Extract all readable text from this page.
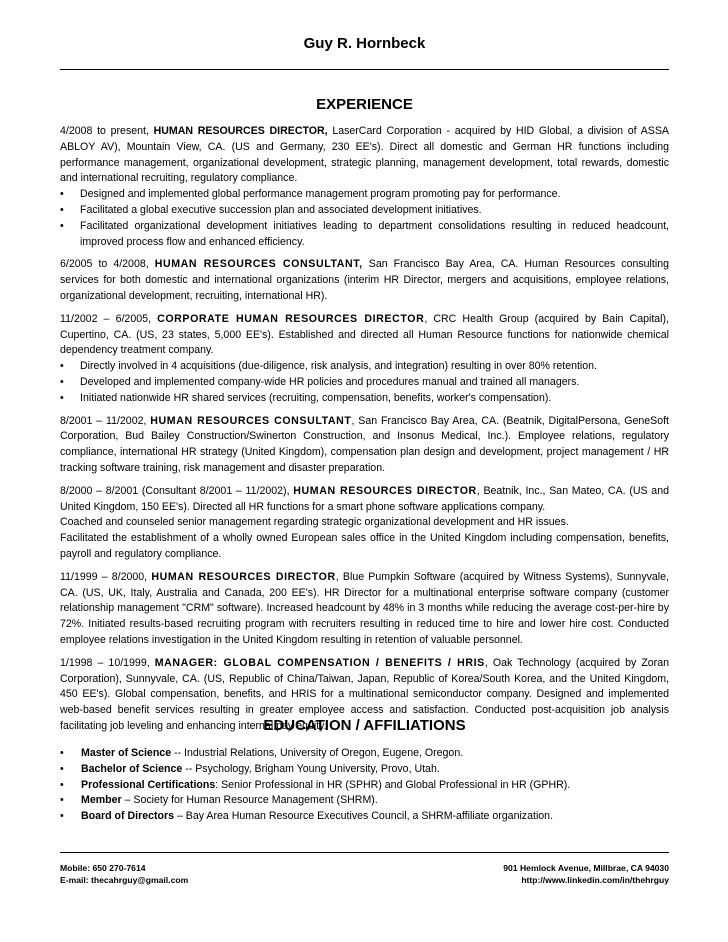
Guy R. Hornbeck
EXPERIENCE

4/2008 to present, HUMAN RESOURCES DIRECTOR, LaserCard Corporation - acquired by HID Global, a division of ASSA ABLOY AV), Mountain View, CA. (US and Germany, 230 EE's). Direct all domestic and German HR functions including performance management, organizational development, strategic planning, management development, total rewards, domestic and international recruiting, regulatory compliance.

• Designed and implemented global performance management program promoting pay for performance.
• Facilitated a global executive succession plan and associated development initiatives.
• Facilitated organizational development initiatives leading to department consolidations resulting in reduced headcount, improved process flow and enhanced efficiency.

6/2005 to 4/2008, HUMAN RESOURCES CONSULTANT, San Francisco Bay Area, CA. Human Resources consulting services for both domestic and international organizations (interim HR Director, mergers and acquisitions, employee relations, organizational development, recruiting, international HR).

11/2002 – 6/2005, CORPORATE HUMAN RESOURCES DIRECTOR, CRC Health Group (acquired by Bain Capital), Cupertino, CA. (US, 23 states, 5,000 EE's). Established and directed all Human Resource functions for nationwide chemical dependency treatment company.

• Directly involved in 4 acquisitions (due-diligence, risk analysis, and integration) resulting in over 80% retention.
• Developed and implemented company-wide HR policies and procedures manual and trained all managers.
• Initiated nationwide HR shared services (recruiting, compensation, benefits, worker's compensation).

8/2001 – 11/2002, HUMAN RESOURCES CONSULTANT, San Francisco Bay Area, CA. (Beatnik, DigitalPersona, GeneSoft Corporation, Bud Bailey Construction/Swinerton Construction, and Insonus Medical, Inc.). Employee relations, regulatory compliance, international HR strategy (United Kingdom), compensation plan design and development, project management / HR tracking software training, risk management and disaster preparation.

8/2000 – 8/2001 (Consultant 8/2001 – 11/2002), HUMAN RESOURCES DIRECTOR, Beatnik, Inc., San Mateo, CA. (US and United Kingdom, 150 EE's). Directed all HR functions for a smart phone software applications company.

Coached and counseled senior management regarding strategic organizational development and HR issues.

Facilitated the establishment of a wholly owned European sales office in the United Kingdom including compensation, benefits, payroll and regulatory compliance.

11/1999 – 8/2000, HUMAN RESOURCES DIRECTOR, Blue Pumpkin Software (acquired by Witness Systems), Sunnyvale, CA. (US, UK, Italy, Australia and Canada, 200 EE's). HR Director for a multinational enterprise software company (customer relationship management "CRM" software). Increased headcount by 48% in 3 months while reducing the average cost-per-hire by 72%. Initiated results-based recruiting program with recruiters resulting in reduced time to hire and lower hire cost. Conducted employee relations investigation in the United Kingdom resulting in retention of valuable personnel.

1/1998 – 10/1999, MANAGER: GLOBAL COMPENSATION / BENEFITS / HRIS, Oak Technology (acquired by Zoran Corporation), Sunnyvale, CA. (US, Republic of China/Taiwan, Japan, Republic of Korea/South Korea, and the United Kingdom, 450 EE's). Global compensation, benefits, and HRIS for a multinational semiconductor company. Designed and implemented web-based benefit services resulting in greater employee access and satisfaction. Conducted post-acquisition job analysis facilitating job leveling and enhancing internal pay equity.

EDUCATION / AFFILIATIONS
• Master of Science -- Industrial Relations, University of Oregon, Eugene, Oregon.
• Bachelor of Science -- Psychology, Brigham Young University, Provo, Utah.
• Professional Certifications: Senior Professional in HR (SPHR) and Global Professional in HR (GPHR).
• Member – Society for Human Resource Management (SHRM).
• Board of Directors – Bay Area Human Resource Executives Council, a SHRM-affiliate organization.
Mobile: 650 270-7614
E-mail: thecahrguy@gmail.com
901 Hemlock Avenue, Millbrae, CA 94030
http://www.linkedin.com/in/thehrguy
